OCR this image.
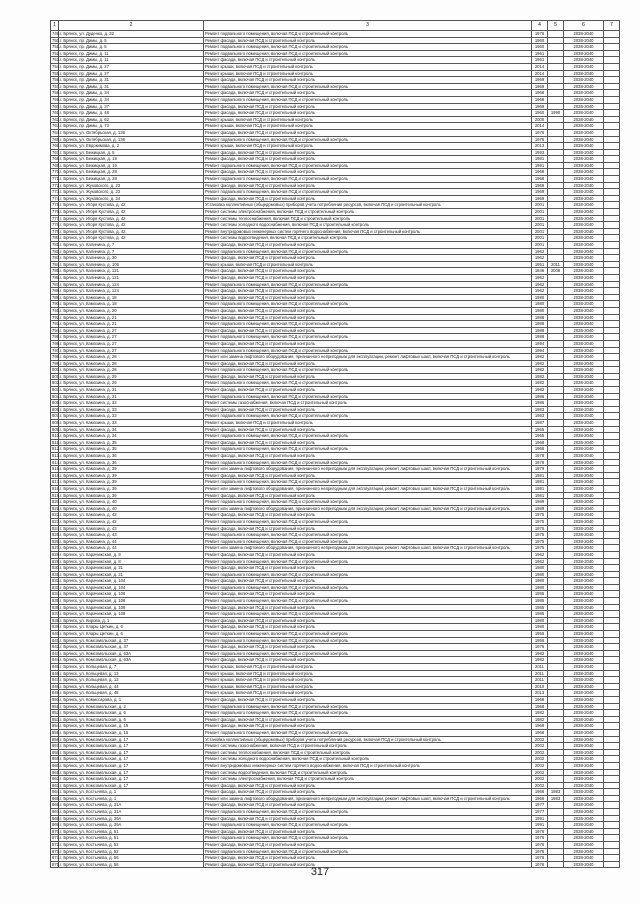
1	2	3	4	5	6	7
749.	г. Брянск, ул. Дуденко, д. 32	Ремонт подвального помещения, включая ПСД и строительный контроль	1976		2038-2040	
750.	г. Брянск, пр. Димы, д. 5	Ремонт фасада, включая ПСД и строительный контроль	1960		2038-2040	
751.	г. Брянск, пр. Димы, д. 5	Ремонт подвального помещения, включая ПСД и строительный контроль	1960		2038-2040	
752.	г. Брянск, пр. Димы, д. 11	Ремонт подвального помещения, включая ПСД и строительный контроль	1961		2038-2040	
753.	г. Брянск, пр. Димы, д. 11	Ремонт фасада, включая ПСД и строительный контроль	1961		2038-2040	
754.	г. Брянск, пр. Димы, д. 27	Ремонт крыши, включая ПСД и строительный контроль	2014		2038-2040	
755.	г. Брянск, пр. Димы, д. 27	Ремонт крыши, включая ПСД и строительный контроль	2014		2038-2040	
756.	г. Брянск, пр. Димы, д. 31	Ремонт фасада, включая ПСД и строительный контроль	1969		2038-2040	
757.	г. Брянск, пр. Димы, д. 31	Ремонт подвального помещения, включая ПСД и строительный контроль	1969		2038-2040	
758.	г. Брянск, пр. Димы, д. 34	Ремонт фасада, включая ПСД и строительный контроль	1968		2038-2040	
759.	г. Брянск, пр. Димы, д. 34	Ремонт подвального помещения, включая ПСД и строительный контроль	1968		2038-2040	
760.	г. Брянск, пр. Димы, д. 37	Ремонт фасада, включая ПСД и строительный контроль	1969		2038-2040	
761.	г. Брянск, пр. Димы, д. 48	Ремонт фасада, включая ПСД и строительный контроль	1960	1990	2038-2040	
762.	г. Брянск, пр. Димы, д. 62	Ремонт крыши, включая ПСД и строительный контроль	2000		2038-2040	
763.	г. Брянск, пр. Димы, д. 73	Ремонт крыши, включая ПСД и строительный контроль	2014		2038-2040	
764.	г. Брянск, ул. Октябрьская, д. 136	Ремонт фасада, включая ПСД и строительный контроль	1976		2038-2040	
765.	г. Брянск, ул. Октябрьская, д. 136	Ремонт подвального помещения, включая ПСД и строительный контроль	1976		2038-2040	
766.	г. Брянск, ул. Евдокимова, д. 2	Ремонт крыши, включая ПСД и строительный контроль	2013		2038-2040	
767.	г. Брянск, ул. Бежицкая, д. 5	Ремонт фасада, включая ПСД и строительный контроль	1993		2038-2040	
768.	г. Брянск, ул. Бежицкая, д. 19	Ремонт фасада, включая ПСД и строительный контроль	1981		2038-2040	
769.	г. Брянск, ул. Бежицкая, д. 19	Ремонт подвального помещения, включая ПСД и строительный контроль	1981		2038-2040	
770.	г. Брянск, ул. Бежицкая, д. 28	Ремонт фасада, включая ПСД и строительный контроль	1968		2038-2040	
771.	г. Брянск, ул. Бежицкая, д. 28	Ремонт подвального помещения, включая ПСД и строительный контроль	1968		2038-2040	
772.	г. Брянск, ул. Жуковского, д. 23	Ремонт фасада, включая ПСД и строительный контроль	1969		2038-2040	
773.	г. Брянск, ул. Жуковского, д. 23	Ремонт подвального помещения, включая ПСД и строительный контроль	1969		2038-2040	
774.	г. Брянск, ул. Жуковского, д. 24	Ремонт фасада, включая ПСД и строительный контроль	1969		2038-2040	
775.	г. Брянск, ул. Игоря Кустова, д. 42	Установка коллективных (общедомовых) приборов учета потребления ресурсов, включая ПСД и строительный контроль	2001		2038-2040	
776.	г. Брянск, ул. Игоря Кустова, д. 42	Ремонт системы электроснабжения, включая ПСД и строительный контроль	2001		2038-2040	
777.	г. Брянск, ул. Игоря Кустова, д. 42	Ремонт системы теплоснабжения, включая ПСД и строительный контроль	2001		2038-2040	
778.	г. Брянск, ул. Игоря Кустова, д. 42	Ремонт системы холодного водоснабжения, включая ПСД и строительный контроль	2001		2038-2040	
779.	г. Брянск, ул. Игоря Кустова, д. 42	Ремонт внутридомовых инженерных систем горячего водоснабжения, включая ПСД и строительный контроль	2001		2038-2040	
780.	г. Брянск, ул. Игоря Кустова, д. 42	Ремонт системы водоотведения, включая ПСД и строительный контроль	2001		2038-2040	
781.	г. Брянск, ул. Калинина, д. 7	Ремонт фасада, включая ПСД и строительный контроль	2001		2038-2040	
782.	г. Брянск, ул. Калинина, д. 7	Ремонт подвального помещения, включая ПСД и строительный контроль	1962		2038-2040	
783.	г. Брянск, ул. Калинина, д. 30	Ремонт фасада, включая ПСД и строительный контроль	1962		2038-2040	
784.	г. Брянск, ул. Калинина, д. 106	Ремонт крыши, включая ПСД и строительный контроль	1951	2011	2038-2040	
785.	г. Брянск, ул. Калинина, д. 121	Ремонт фасада, включая ПСД и строительный контроль	1846	2008	2038-2040	
786.	г. Брянск, ул. Калинина, д. 121	Ремонт фасада, включая ПСД и строительный контроль	1962		2038-2040	
787.	г. Брянск, ул. Калинина, д. 124	Ремонт подвального помещения, включая ПСД и строительный контроль	1962		2038-2040	
788.	г. Брянск, ул. Калинина, д. 124	Ремонт фасада, включая ПСД и строительный контроль	1962		2038-2040	
789.	г. Брянск, ул. Камозина, д. 18	Ремонт фасада, включая ПСД и строительный контроль	1980		2038-2040	
790.	г. Брянск, ул. Камозина, д. 18	Ремонт подвального помещения, включая ПСД и строительный контроль	1980		2038-2040	
791.	г. Брянск, ул. Камозина, д. 20	Ремонт фасада, включая ПСД и строительный контроль	1980		2038-2040	
792.	г. Брянск, ул. Камозина, д. 21	Ремонт фасада, включая ПСД и строительный контроль	1988		2038-2040	
793.	г. Брянск, ул. Камозина, д. 21	Ремонт подвального помещения, включая ПСД и строительный контроль	1988		2038-2040	
794.	г. Брянск, ул. Камозина, д. 27	Ремонт фасада, включая ПСД и строительный контроль	1988		2038-2040	
795.	г. Брянск, ул. Камозина, д. 27	Ремонт подвального помещения, включая ПСД и строительный контроль	1988		2038-2040	
796.	г. Брянск, ул. Камозина, д. 27	Ремонт фасада, включая ПСД и строительный контроль	1994		2038-2040	
797.	г. Брянск, ул. Камозина, д. 27	Ремонт подвального помещения, включая ПСД и строительный контроль	1994		2038-2040	
798.	г. Брянск, ул. Камозина, д. 28	Ремонт или замена лифтового оборудования, признанного непригодным для эксплуатации, ремонт лифтовых шахт, включая ПСД и строительный контроль	1982		2038-2040	
799.	г. Брянск, ул. Камозина, д. 28	Ремонт фасада, включая ПСД и строительный контроль	1982		2038-2040	
800.	г. Брянск, ул. Камозина, д. 28	Ремонт подвального помещения, включая ПСД и строительный контроль	1982		2038-2040	
801.	г. Брянск, ул. Камозина, д. 29	Ремонт фасада, включая ПСД и строительный контроль	1982		2038-2040	
802.	г. Брянск, ул. Камозина, д. 29	Ремонт подвального помещения, включая ПСД и строительный контроль	1982		2038-2040	
803.	г. Брянск, ул. Камозина, д. 31	Ремонт фасада, включая ПСД и строительный контроль	1982		2038-2040	
804.	г. Брянск, ул. Камозина, д. 31	Ремонт подвального помещения, включая ПСД и строительный контроль	1986		2038-2040	
805.	г. Брянск, ул. Камозина, д. 32	Ремонт системы газоснабжения, включая ПСД и строительный контроль	1986		2038-2040	
806.	г. Брянск, ул. Камозина, д. 33	Ремонт фасада, включая ПСД и строительный контроль	1983		2038-2040	
807.	г. Брянск, ул. Камозина, д. 33	Ремонт подвального помещения, включая ПСД и строительный контроль	1983		2038-2040	
808.	г. Брянск, ул. Камозина, д. 33	Ремонт крыши, включая ПСД и строительный контроль	1987		2038-2040	
809.	г. Брянск, ул. Камозина, д. 34	Ремонт фасада, включая ПСД и строительный контроль	1965		2038-2040	
810.	г. Брянск, ул. Камозина, д. 34	Ремонт подвального помещения, включая ПСД и строительный контроль	1965		2038-2040	
811.	г. Брянск, ул. Камозина, д. 35	Ремонт фасада, включая ПСД и строительный контроль	1968		2038-2040	
812.	г. Брянск, ул. Камозина, д. 35	Ремонт подвального помещения, включая ПСД и строительный контроль	1968		2038-2040	
813.	г. Брянск, ул. Камозина, д. 36	Ремонт фасада, включая ПСД и строительный контроль	1978		2038-2040	
814.	г. Брянск, ул. Камозина, д. 36	Ремонт подвального помещения, включая ПСД и строительный контроль	1978		2038-2040	
815.	г. Брянск, ул. Камозина, д. 39	Ремонт или замена лифтового оборудования, признанного непригодным для эксплуатации, ремонт лифтовых шахт, включая ПСД и строительный контроль	1979		2038-2040	
816.	г. Брянск, ул. Камозина, д. 39	Ремонт фасада, включая ПСД и строительный контроль	1981		2038-2040	
817.	г. Брянск, ул. Камозина, д. 39	Ремонт подвального помещения, включая ПСД и строительный контроль	1981		2038-2040	
818.	г. Брянск, ул. Камозина, д. 39	Ремонт или замена лифтового оборудования, признанного непригодным для эксплуатации, ремонт лифтовых шахт, включая ПСД и строительный контроль	1981		2038-2040	
819.	г. Брянск, ул. Камозина, д. 39	Ремонт фасада, включая ПСД и строительный контроль	1981		2038-2040	
820.	г. Брянск, ул. Камозина, д. 40	Ремонт подвального помещения, включая ПСД и строительный контроль	1989		2038-2040	
821.	г. Брянск, ул. Камозина, д. 40	Ремонт или замена лифтового оборудования, признанного непригодным для эксплуатации, ремонт лифтовых шахт, включая ПСД и строительный контроль	1989		2038-2040	
822.	г. Брянск, ул. Камозина, д. 42	Ремонт фасада, включая ПСД и строительный контроль	1975		2038-2040	
823.	г. Брянск, ул. Камозина, д. 42	Ремонт подвального помещения, включая ПСД и строительный контроль	1975		2038-2040	
824.	г. Брянск, ул. Камозина, д. 43	Ремонт фасада, включая ПСД и строительный контроль	1975		2038-2040	
825.	г. Брянск, ул. Камозина, д. 43	Ремонт подвального помещения, включая ПСД и строительный контроль	1975		2038-2040	
826.	г. Брянск, ул. Камозина, д. 44	Ремонт подвального помещения, включая ПСД и строительный контроль	1975		2038-2040	
827.	г. Брянск, ул. Камозина, д. 44	Ремонт или замена лифтового оборудования, признанного непригодным для эксплуатации, ремонт лифтовых шахт, включая ПСД и строительный контроль	1975		2038-2040	
828.	г. Брянск, ул. Карачижская, д. 8	Ремонт фасада, включая ПСД и строительный контроль	1962		2038-2040	
829.	г. Брянск, ул. Карачижская, д. 8	Ремонт подвального помещения, включая ПСД и строительный контроль	1962		2038-2040	
830.	г. Брянск, ул. Карачижская, д. 21	Ремонт фасада, включая ПСД и строительный контроль	1980		2038-2040	
831.	г. Брянск, ул. Карачижская, д. 21	Ремонт подвального помещения, включая ПСД и строительный контроль	1980		2038-2040	
832.	г. Брянск, ул. Карачижская, д. 104	Ремонт фасада, включая ПСД и строительный контроль	1980		2038-2040	
833.	г. Брянск, ул. Карачижская, д. 104	Ремонт подвального помещения, включая ПСД и строительный контроль	1980		2038-2040	
834.	г. Брянск, ул. Карачижская, д. 106	Ремонт фасада, включая ПСД и строительный контроль	1985		2038-2040	
835.	г. Брянск, ул. Карачижская, д. 106	Ремонт подвального помещения, включая ПСД и строительный контроль	1985		2038-2040	
836.	г. Брянск, ул. Карачижская, д. 108	Ремонт фасада, включая ПСД и строительный контроль	1985		2038-2040	
837.	г. Брянск, ул. Карачижская, д. 108	Ремонт подвального помещения, включая ПСД и строительный контроль	1985		2038-2040	
838.	г. Брянск, ул. Кирова, д. 1	Ремонт фасада, включая ПСД и строительный контроль	1980		2038-2040	
839.	г. Брянск, ул. Клары Цеткин, д. 6	Ремонт фасада, включая ПСД и строительный контроль	1980		2038-2040	
840.	г. Брянск, ул. Клары Цеткин, д. 6	Ремонт подвального помещения, включая ПСД и строительный контроль	1956		2038-2040	
841.	г. Брянск, ул. Комсомольская, д. 37	Ремонт подвального помещения, включая ПСД и строительный контроль	1956		2038-2040	
842.	г. Брянск, ул. Комсомольская, д. 37	Ремонт фасада, включая ПСД и строительный контроль	1976		2038-2040	
843.	г. Брянск, ул. Комсомольская, д. 63А	Ремонт подвального помещения, включая ПСД и строительный контроль	1982		2038-2040	
844.	г. Брянск, ул. Комсомольская, д. 63А	Ремонт фасада, включая ПСД и строительный контроль	1982		2038-2040	
845.	г. Брянск, ул. Кольцевая, д. 7	Ремонт крыши, включая ПСД и строительный контроль	2011		2038-2040	
846.	г. Брянск, ул. Кольцевая, д. 13	Ремонт крыши, включая ПСД и строительный контроль	2011		2038-2040	
847.	г. Брянск, ул. Кольцевая, д. 13	Ремонт крыши, включая ПСД и строительный контроль	2011		2038-2040	
848.	г. Брянск, ул. Кольцевая, д. 44	Ремонт крыши, включая ПСД и строительный контроль	2010		2038-2040	
849.	г. Брянск, ул. Кольцевая, д. 48	Ремонт крыши, включая ПСД и строительный контроль	2013		2038-2040	
850.	г. Брянск, ул. Комиссарова, д. 1	Ремонт фасада, включая ПСД и строительный контроль	1968		2038-2040	
851.	г. Брянск, ул. Комсомольская, д. 2	Ремонт подвального помещения, включая ПСД и строительный контроль	1968		2038-2040	
852.	г. Брянск, ул. Комсомольская, д. 6	Ремонт подвального помещения, включая ПСД и строительный контроль	1982		2038-2040	
853.	г. Брянск, ул. Комсомольская, д. 6	Ремонт фасада, включая ПСД и строительный контроль	1982		2038-2040	
854.	г. Брянск, ул. Комсомольская, д. 15	Ремонт фасада, включая ПСД и строительный контроль	1968		2038-2040	
855.	г. Брянск, ул. Комсомольская, д. 15	Ремонт подвального помещения, включая ПСД и строительный контроль	1968		2038-2040	
856.	г. Брянск, ул. Комсомольская, д. 17	Установка коллективных (общедомовых) приборов учета потребления ресурсов, включая ПСД и строительный контроль	2002		2038-2040	
857.	г. Брянск, ул. Комсомольская, д. 17	Ремонт системы газоснабжения, включая ПСД и строительный контроль	2002		2038-2040	
858.	г. Брянск, ул. Комсомольская, д. 17	Ремонт системы теплоснабжения, включая ПСД и строительный контроль	2002		2038-2040	
859.	г. Брянск, ул. Комсомольская, д. 17	Ремонт системы холодного водоснабжения, включая ПСД и строительный контроль	2002		2038-2040	
860.	г. Брянск, ул. Комсомольская, д. 17	Ремонт внутридомовых инженерных систем горячего водоснабжения, включая ПСД и строительный контроль	2002		2038-2040	
861.	г. Брянск, ул. Комсомольская, д. 17	Ремонт системы водоотведения, включая ПСД и строительный контроль	2002		2038-2040	
862.	г. Брянск, ул. Комсомольская, д. 17	Ремонт системы электроснабжения, включая ПСД и строительный контроль	2002		2038-2040	
863.	г. Брянск, ул. Комсомольская, д. 17	Ремонт фасада, включая ПСД и строительный контроль	2002		2038-2040	
864.	г. Брянск, ул. Костычева, д. 1	Ремонт фасада, включая ПСД и строительный контроль	1966	1983	2038-2040	
865.	г. Брянск, ул. Костычева, д. 1	Ремонт или замена лифтового оборудования, признанного непригодным для эксплуатации, ремонт лифтовых шахт, включая ПСД и строительный контроль	1966	1983	2038-2040	
866.	г. Брянск, ул. Костычева, д. 31А	Ремонт фасада, включая ПСД и строительный контроль	1977		2038-2040	
867.	г. Брянск, ул. Костычева, д. 31А	Ремонт подвального помещения, включая ПСД и строительный контроль	1977		2038-2040	
868.	г. Брянск, ул. Костычева, д. 39А	Ремонт фасада, включая ПСД и строительный контроль	1991		2038-2040	
869.	г. Брянск, ул. Костычева, д. 39А	Ремонт подвального помещения, включая ПСД и строительный контроль	1991		2038-2040	
870.	г. Брянск, ул. Костычева, д. 51	Ремонт фасада, включая ПСД и строительный контроль	1976		2038-2040	
871.	г. Брянск, ул. Костычева, д. 51	Ремонт подвального помещения, включая ПСД и строительный контроль	1976		2038-2040	
872.	г. Брянск, ул. Костычева, д. 52	Ремонт фасада, включая ПСД и строительный контроль	1976		2038-2040	
873.	г. Брянск, ул. Костычева, д. 52	Ремонт подвального помещения, включая ПСД и строительный контроль	1976		2038-2040	
874.	г. Брянск, ул. Костычева, д. 56	Ремонт фасада, включая ПСД и строительный контроль	1976		2038-2040	
875.	г. Брянск, ул. Костычева, д. 56	Ремонт фасада, включая ПСД и строительный контроль	1976		2038-2040	
317
